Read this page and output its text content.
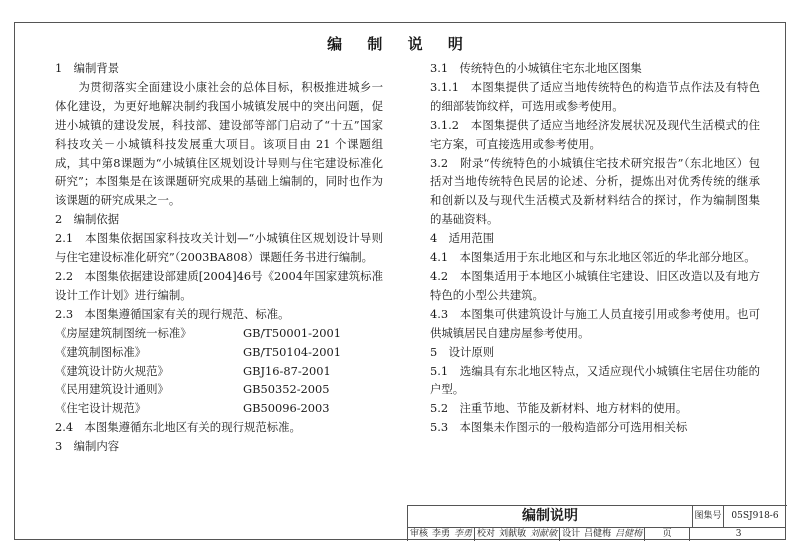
编 制 说 明

1　编制背景

　　为贯彻落实全面建设小康社会的总体目标，积极推进城乡一体化建设，为更好地解决制约我国小城镇发展中的突出问题，促进小城镇的建设发展，科技部、建设部等部门启动了“十五”国家科技攻关－小城镇科技发展重大项目。该项目由 21 个课题组成，其中第8课题为“小城镇住区规划设计导则与住宅建设标准化研究”；本图集是在该课题研究成果的基础上编制的，同时也作为该课题的研究成果之一。

2　编制依据

2.1　本图集依据国家科技攻关计划—“小城镇住区规划设计导则与住宅建设标准化研究”（2003BA808）课题任务书进行编制。

2.2　本图集依据建设部建质[2004]46号《2004年国家建筑标准设计工作计划》进行编制。

2.3　本图集遵循国家有关的现行规范、标准。

《房屋建筑制图统一标准》	GB/T50001-2001
《建筑制图标准》	GB/T50104-2001
《建筑设计防火规范》	GBJ16-87-2001
《民用建筑设计通则》	GB50352-2005
《住宅设计规范》	GB50096-2003

2.4　本图集遵循东北地区有关的现行规范标准。

3　编制内容

3.1　传统特色的小城镇住宅东北地区图集

3.1.1　本图集提供了适应当地传统特色的构造节点作法及有特色的细部装饰纹样，可选用或参考使用。

3.1.2　本图集提供了适应当地经济发展状况及现代生活模式的住宅方案，可直接选用或参考使用。

3.2　附录“传统特色的小城镇住宅技术研究报告”（东北地区）包括对当地传统特色民居的论述、分析，提炼出对优秀传统的继承和创新以及与现代生活模式及新材料结合的探讨，作为编制图集的基础资料。

4　适用范围

4.1　本图集适用于东北地区和与东北地区邻近的华北部分地区。

4.2　本图集适用于本地区小城镇住宅建设、旧区改造以及有地方特色的小型公共建筑。

4.3　本图集可供建筑设计与施工人员直接引用或参考使用。也可供城镇居民自建房屋参考使用。

5　设计原则

5.1　选编具有东北地区特点，又适应现代小城镇住宅居住功能的户型。

5.2　注重节地、节能及新材料、地方材料的使用。

5.3　本图集未作图示的一般构造部分可选用相关标

编制说明	图集号	05SJ918-6
审核 李勇 李勇 校对 刘献敏 刘献敏 设计 吕健梅 吕健梅	页	3
